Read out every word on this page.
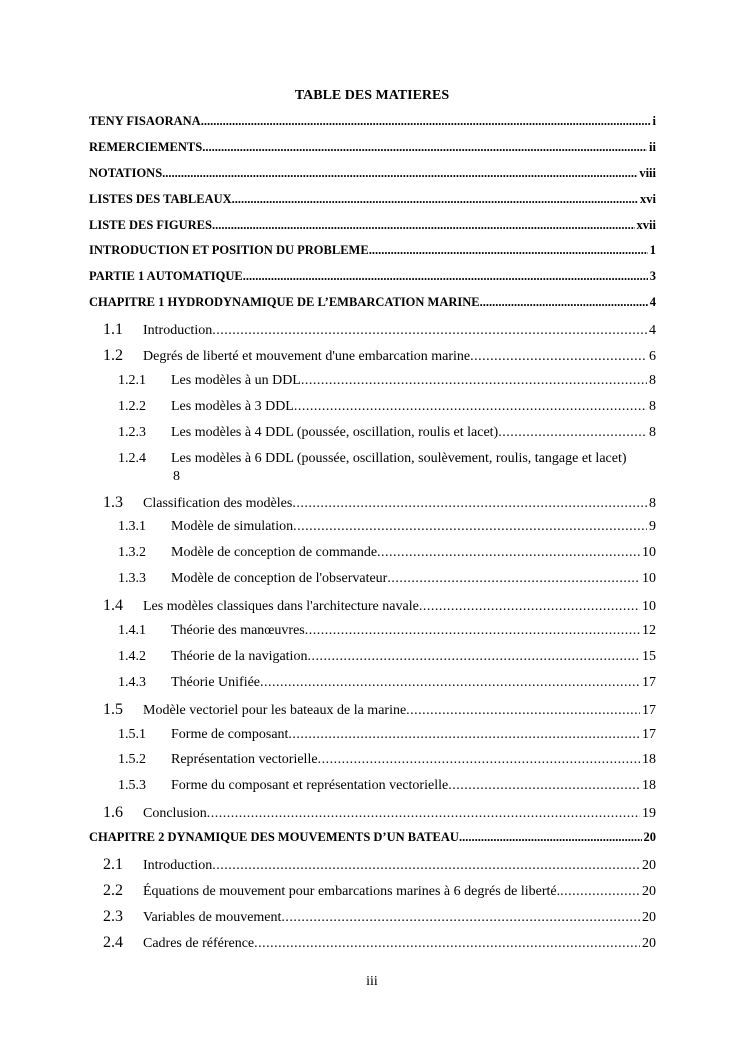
TABLE DES MATIERES
TENY FISAORANA .....	i
REMERCIEMENTS .....	ii
NOTATIONS .....	viii
LISTES DES TABLEAUX .....	xvi
LISTE DES FIGURES .....	xvii
INTRODUCTION ET POSITION DU PROBLEME .....	1
PARTIE 1 AUTOMATIQUE .....	3
CHAPITRE 1 HYDRODYNAMIQUE DE L’EMBARCATION MARINE .....	4
1.1	Introduction .....	4
1.2	Degrés de liberté et mouvement d'une embarcation marine .....	6
1.2.1	Les modèles à un DDL .....	8
1.2.2	Les modèles à 3 DDL .....	8
1.2.3	Les modèles à 4 DDL (poussée, oscillation, roulis et lacet) .....	8
1.2.4	Les modèles à 6 DDL (poussée, oscillation, soulèvement, roulis, tangage et lacet)
8
1.3	Classification des modèles .....	8
1.3.1	Modèle de simulation .....	9
1.3.2	Modèle de conception de commande .....	10
1.3.3	Modèle de conception de l'observateur .....	10
1.4	Les modèles classiques dans l'architecture navale .....	10
1.4.1	Théorie des manœuvres .....	12
1.4.2	Théorie de la navigation .....	15
1.4.3	Théorie Unifiée .....	17
1.5	Modèle vectoriel pour les bateaux de la marine .....	17
1.5.1	Forme de composant .....	17
1.5.2	Représentation vectorielle .....	18
1.5.3	Forme du composant et représentation vectorielle .....	18
1.6	Conclusion .....	19
CHAPITRE 2 DYNAMIQUE DES MOUVEMENTS D’UN BATEAU .....	20
2.1	Introduction .....	20
2.2	Équations de mouvement pour embarcations marines à 6 degrés de liberté. .....	20
2.3	Variables de mouvement .....	20
2.4	Cadres de référence .....	20
iii
